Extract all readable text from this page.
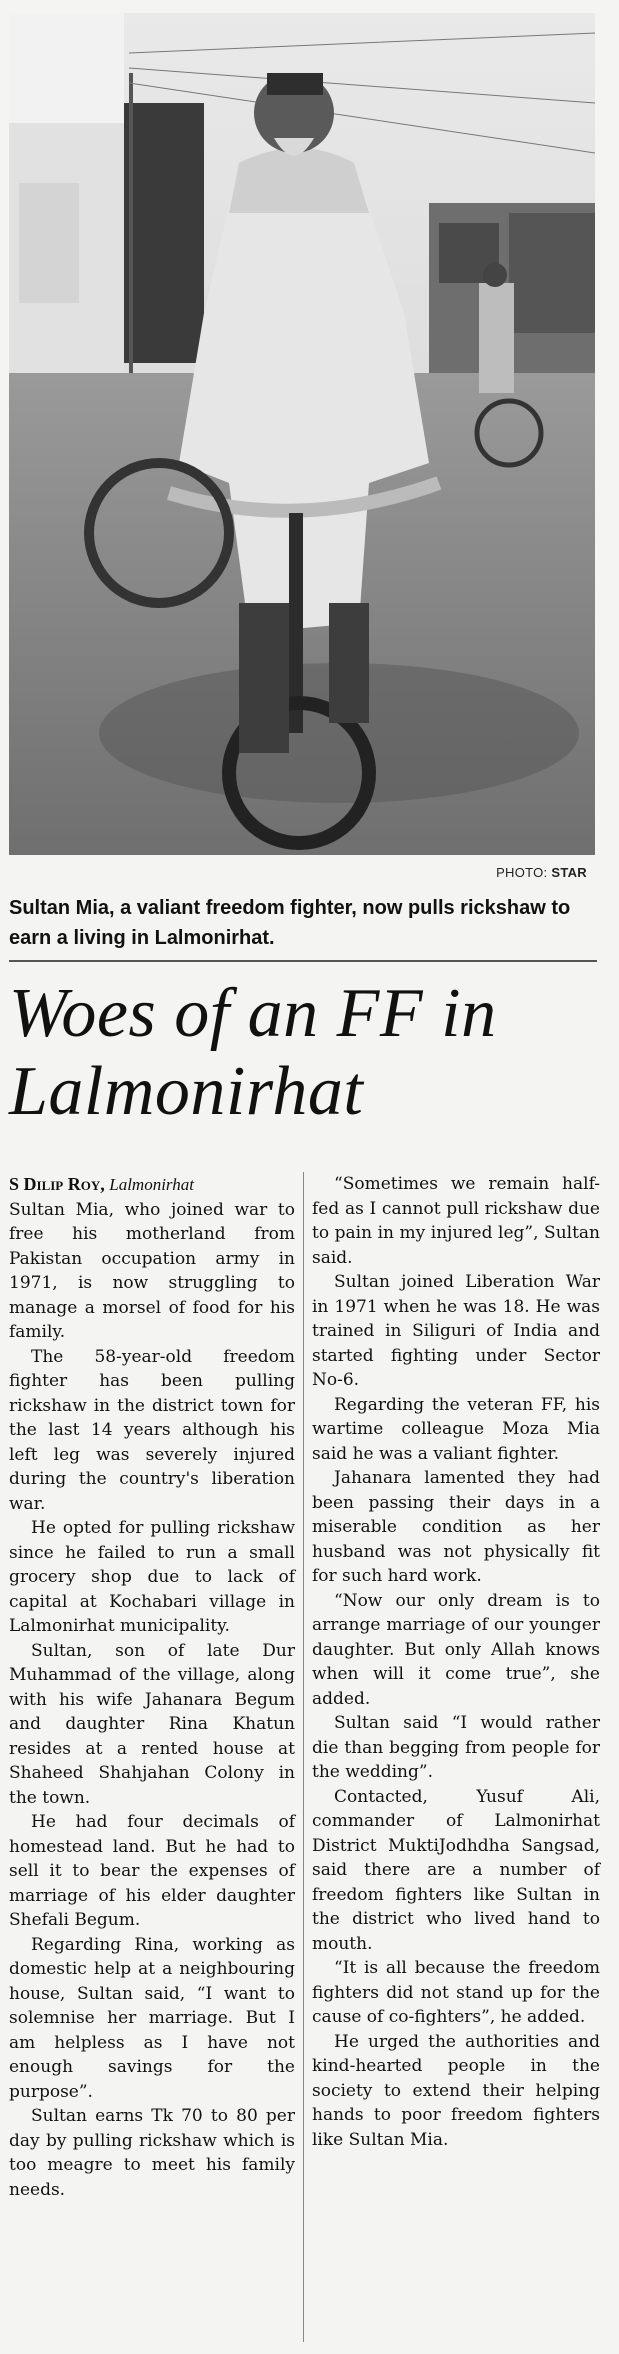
PHOTO: STAR
Sultan Mia, a valiant freedom fighter, now pulls rickshaw to earn a living in Lalmonirhat.
Woes of an FF in Lalmonirhat

S Dilip Roy, Lalmonirhat

Sultan Mia, who joined war to free his motherland from Pakistan occupation army in 1971, is now struggling to manage a morsel of food for his family.

The 58-year-old freedom fighter has been pulling rickshaw in the district town for the last 14 years although his left leg was severely injured during the country's liberation war.

He opted for pulling rickshaw since he failed to run a small grocery shop due to lack of capital at Kochabari village in Lalmonirhat municipality.

Sultan, son of late Dur Muhammad of the village, along with his wife Jahanara Begum and daughter Rina Khatun resides at a rented house at Shaheed Shahjahan Colony in the town.

He had four decimals of homestead land. But he had to sell it to bear the expenses of marriage of his elder daughter Shefali Begum.

Regarding Rina, working as domestic help at a neighbouring house, Sultan said, “I want to solemnise her marriage. But I am helpless as I have not enough savings for the purpose”.

Sultan earns Tk 70 to 80 per day by pulling rickshaw which is too meagre to meet his family needs.

“Sometimes we remain half-fed as I cannot pull rickshaw due to pain in my injured leg”, Sultan said.

Sultan joined Liberation War in 1971 when he was 18. He was trained in Siliguri of India and started fighting under Sector No-6.

Regarding the veteran FF, his wartime colleague Moza Mia said he was a valiant fighter.

Jahanara lamented they had been passing their days in a miserable condition as her husband was not physically fit for such hard work.

“Now our only dream is to arrange marriage of our younger daughter. But only Allah knows when will it come true”, she added.

Sultan said “I would rather die than begging from people for the wedding”.

Contacted, Yusuf Ali, commander of Lalmonirhat District MuktiJodhdha Sangsad, said there are a number of freedom fighters like Sultan in the district who lived hand to mouth.

“It is all because the freedom fighters did not stand up for the cause of co-fighters”, he added.

He urged the authorities and kind-hearted people in the society to extend their helping hands to poor freedom fighters like Sultan Mia.
